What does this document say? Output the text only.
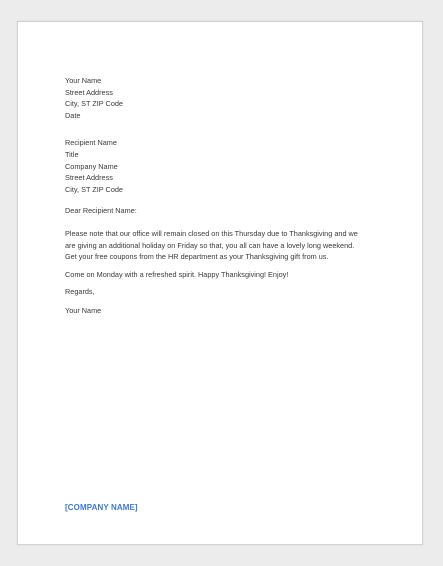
Your Name
Street Address
City, ST ZIP Code
Date
Recipient Name
Title
Company Name
Street Address
City, ST ZIP Code
Dear Recipient Name:
Please note that our office will remain closed on this Thursday due to Thanksgiving and we
are giving an additional holiday on Friday so that, you all can have a lovely long weekend.
Get your free coupons from the HR department as your Thanksgiving gift from us.
Come on Monday with a refreshed spirit. Happy Thanksgiving! Enjoy!
Regards,
Your Name
[COMPANY NAME]
